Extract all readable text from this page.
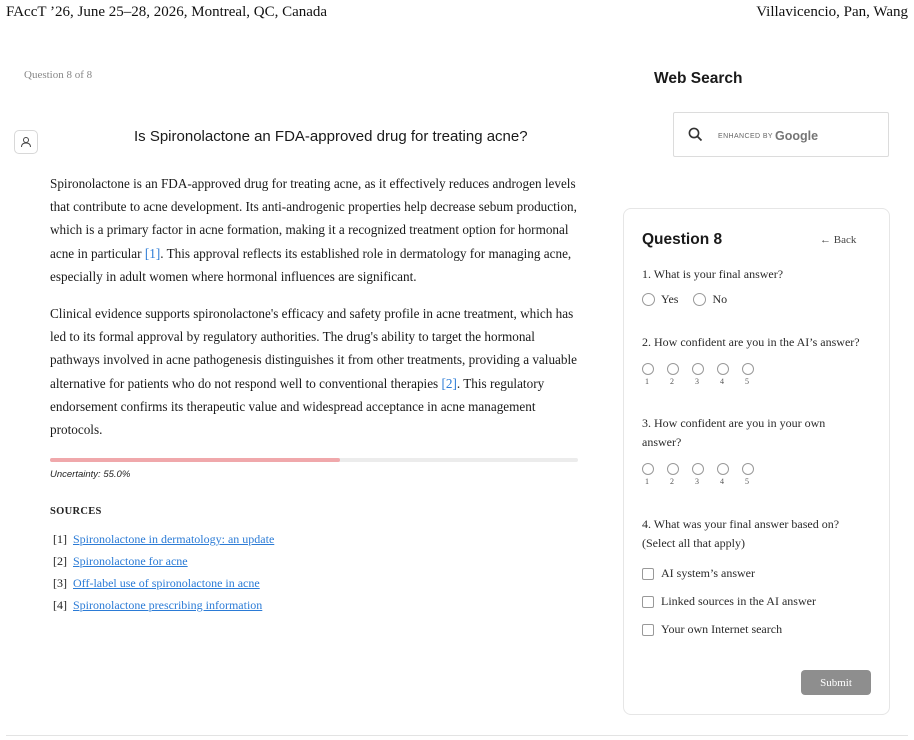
FAccT ’26, June 25–28, 2026, Montreal, QC, Canada	Villavicencio, Pan, Wang
Question 8 of 8
Is Spironolactone an FDA-approved drug for treating acne?

Spironolactone is an FDA-approved drug for treating acne, as it effectively reduces androgen levels that contribute to acne development. Its anti-androgenic properties help decrease sebum production, which is a primary factor in acne formation, making it a recognized treatment option for hormonal acne in particular [1]. This approval reflects its established role in dermatology for managing acne, especially in adult women where hormonal influences are significant.

Clinical evidence supports spironolactone's efficacy and safety profile in acne treatment, which has led to its formal approval by regulatory authorities. The drug's ability to target the hormonal pathways involved in acne pathogenesis distinguishes it from other treatments, providing a valuable alternative for patients who do not respond well to conventional therapies [2]. This regulatory endorsement confirms its therapeutic value and widespread acceptance in acne management protocols.

Uncertainty: 55.0%
SOURCES
[1] Spironolactone in dermatology: an update
[2] Spironolactone for acne
[3] Off-label use of spironolactone in acne
[4] Spironolactone prescribing information
Web Search
ENHANCED BY Google
Question 8	← Back
1. What is your final answer?
Yes	No
2. How confident are you in the AI’s answer?
1	2	3	4	5
3. How confident are you in your own answer?
1	2	3	4	5
4. What was your final answer based on? (Select all that apply)
AI system’s answer
Linked sources in the AI answer
Your own Internet search
Submit
